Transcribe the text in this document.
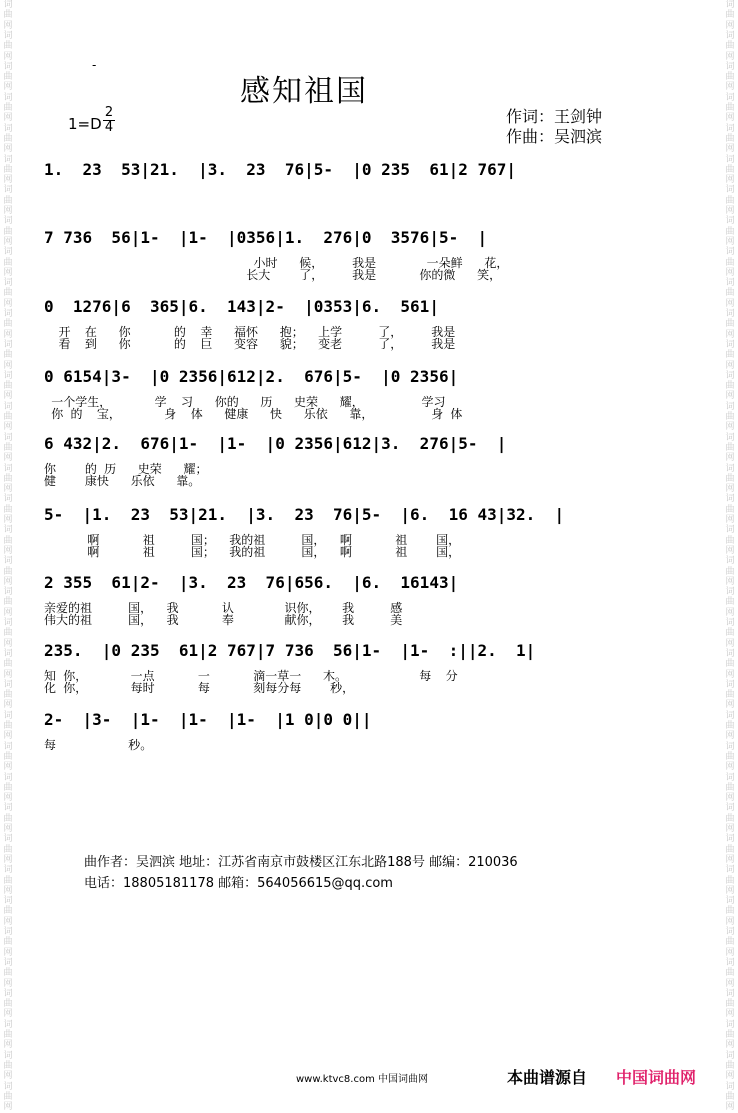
词
曲
网
词
曲
网
词
曲
网
词
曲
网
词
曲
网
词
曲
网
词
曲
网
词
曲
网
词
曲
网
词
曲
网
词
曲
网
词
曲
网
词
曲
网
词
曲
网
词
曲
网
词
曲
网
词
曲
网
词
曲
网
词
曲
网
词
曲
网
词
曲
网
词
曲
网
词
曲
网
词
曲
网
词
曲
网
词
曲
网
词
曲
网
词
曲
网
词
曲
网
词
曲
网
词
曲
网
词
曲
网
词
曲
网
词
曲
网
词
曲
网
词
曲
网
词
曲
网
词
曲
网
词
曲
网
词
曲
网
词
曲
网
词
曲
网
词
曲
网
词
曲
网
词
曲
网
词
曲
网
词
曲
网
词
曲
网
词
曲
网
词
曲
网
词
曲
网
词
曲
网
词
曲
网
词
曲
网
词
曲
网
词
曲
网
词
曲
网
词
曲
网
词
曲
网
词
曲
网
词
曲
网
词
曲
网
词
曲
网
词
曲
网
词
曲
网
词
曲
网
词
曲
网
词
曲
网
词
曲
网
词
曲
网
词
曲
网
词
曲
网
-
感知祖国
$1=D \frac{2}{4}$	作词：王剑钟
作曲：吴泗滨
1.  23  53|21.  |3.  23  76|5-  |0 235  61|2 767|
7 736  56|1-  |1-  |0356|1.  276|0  3576|5-  |
小时   候，    我是       一朵鲜   花，
长大    了，    我是      你的微   笑，
0  1276|6  365|6.  143|2-  |0353|6.  561|
开  在   你      的  幸   福怀   抱；  上学     了，    我是
看  到   你      的  巨   变容   貌；  变老     了，    我是
0 6154|3-  |0 2356|612|2.  676|5-  |0 2356|
一个学生，      学  习   你的   历   史荣   耀，        学习
你 的  宝，      身  体   健康   快   乐依   靠，        身 体
6 432|2.  676|1-  |1-  |0 2356|612|3.  276|5-  |
你    的 历   史荣   耀；
健    康快   乐依   靠。
5-  |1.  23  53|21.  |3.  23  76|5-  |6.  16 43|32.  |
啊      祖     国；  我的祖     国，  啊      祖    国，
啊      祖     国；  我的祖     国，  啊      祖    国，
2 355  61|2-  |3.  23  76|656.  |6.  16143|
亲爱的祖     国，  我      认       识你，   我     感
伟大的祖     国，  我      奉       献你，   我     美
235.  |0 235  61|2 767|7 736  56|1-  |1-  :||2.  1|
知 你，      一点      一      滴一草一   木。          每  分
化 你，      每时      每      刻每分每    秒，
2-  |3-  |1-  |1-  |1-  |1 0|0 0||
每          秒。
曲作者：吴泗滨 地址：江苏省南京市鼓楼区江东北路188号 邮编：210036
电话：18805181178 邮箱：564056615@qq.com
www.ktvc8.com 中国词曲网	本曲谱源自 中国词曲网
